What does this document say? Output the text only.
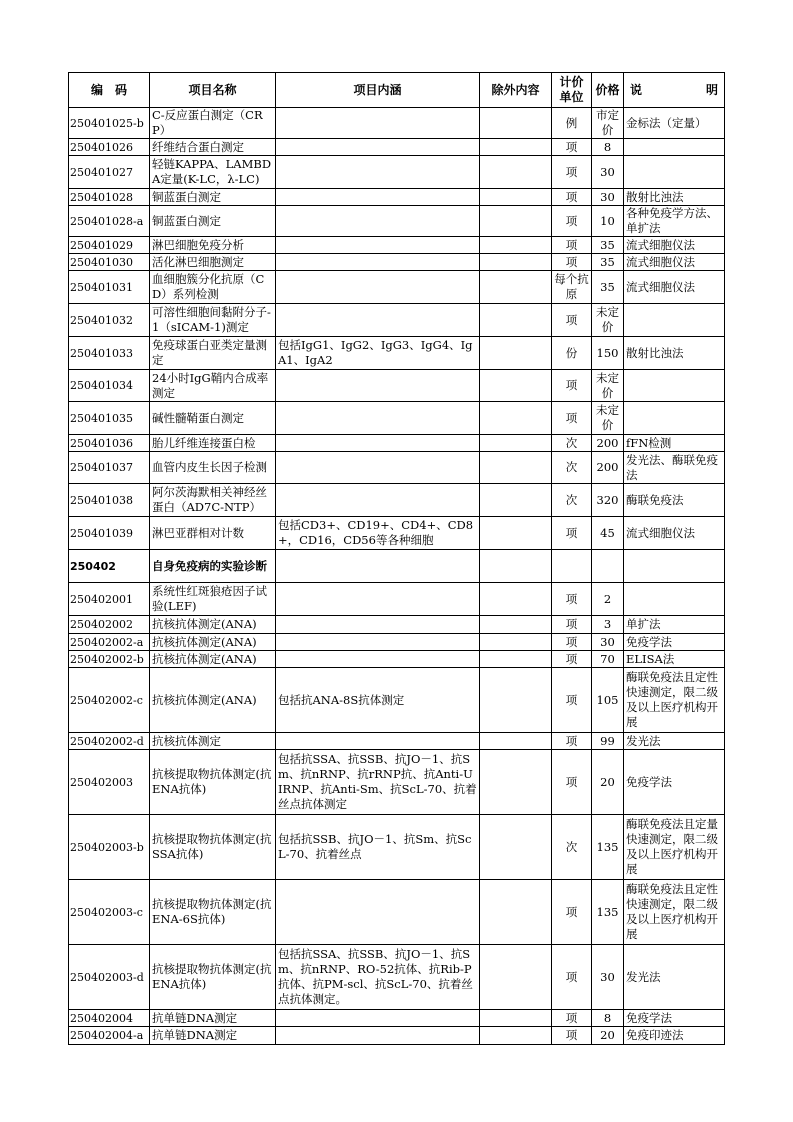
编　码	项目名称	项目内涵	除外内容	计价单位	价格	说　　明
250401025-b	C-反应蛋白测定（CRP）			例	市定价	金标法（定量）
250401026	纤维结合蛋白测定			项	8	
250401027	轻链KAPPA、LAMBDA定量(K-LC，λ-LC)			项	30	
250401028	铜蓝蛋白测定			项	30	散射比浊法
250401028-a	铜蓝蛋白测定			项	10	各种免疫学方法、单扩法
250401029	淋巴细胞免疫分析			项	35	流式细胞仪法
250401030	活化淋巴细胞测定			项	35	流式细胞仪法
250401031	血细胞簇分化抗原（CD）系列检测			每个抗原	35	流式细胞仪法
250401032	可溶性细胞间黏附分子-1（sICAM-1)测定			项	未定价	
250401033	免疫球蛋白亚类定量测定	包括IgG1、IgG2、IgG3、IgG4、IgA1、IgA2		份	150	散射比浊法
250401034	24小时IgG鞘内合成率测定			项	未定价	
250401035	碱性髓鞘蛋白测定			项	未定价	
250401036	胎儿纤维连接蛋白检			次	200	fFN检测
250401037	血管内皮生长因子检测			次	200	发光法、酶联免疫法
250401038	阿尔茨海默相关神经丝蛋白（AD7C-NTP）			次	320	酶联免疫法
250401039	淋巴亚群相对计数	包括CD3+、CD19+、CD4+、CD8+，CD16，CD56等各种细胞		项	45	流式细胞仪法
250402	自身免疫病的实验诊断					
250402001	系统性红斑狼疮因子试验(LEF)			项	2	
250402002	抗核抗体测定(ANA)			项	3	单扩法
250402002-a	抗核抗体测定(ANA)			项	30	免疫学法
250402002-b	抗核抗体测定(ANA)			项	70	ELISA法
250402002-c	抗核抗体测定(ANA)	包括抗ANA-8S抗体测定		项	105	酶联免疫法且定性快速测定，限二级及以上医疗机构开展
250402002-d	抗核抗体测定			项	99	发光法
250402003	抗核提取物抗体测定(抗ENA抗体)	包括抗SSA、抗SSB、抗JO－1、抗Sm、抗nRNP、抗rRNP抗、抗Anti-UIRNP、抗Anti-Sm、抗ScL-70、抗着丝点抗体测定		项	20	免疫学法
250402003-b	抗核提取物抗体测定(抗SSA抗体)	包括抗SSB、抗JO－1、抗Sm、抗ScL-70、抗着丝点		次	135	酶联免疫法且定量快速测定，限二级及以上医疗机构开展
250402003-c	抗核提取物抗体测定(抗ENA-6S抗体)			项	135	酶联免疫法且定性快速测定，限二级及以上医疗机构开展
250402003-d	抗核提取物抗体测定(抗ENA抗体)	包括抗SSA、抗SSB、抗JO－1、抗Sm、抗nRNP、RO-52抗体、抗Rib-P抗体、抗PM-scl、抗ScL-70、抗着丝点抗体测定。		项	30	发光法
250402004	抗单链DNA测定			项	8	免疫学法
250402004-a	抗单链DNA测定			项	20	免疫印迹法
